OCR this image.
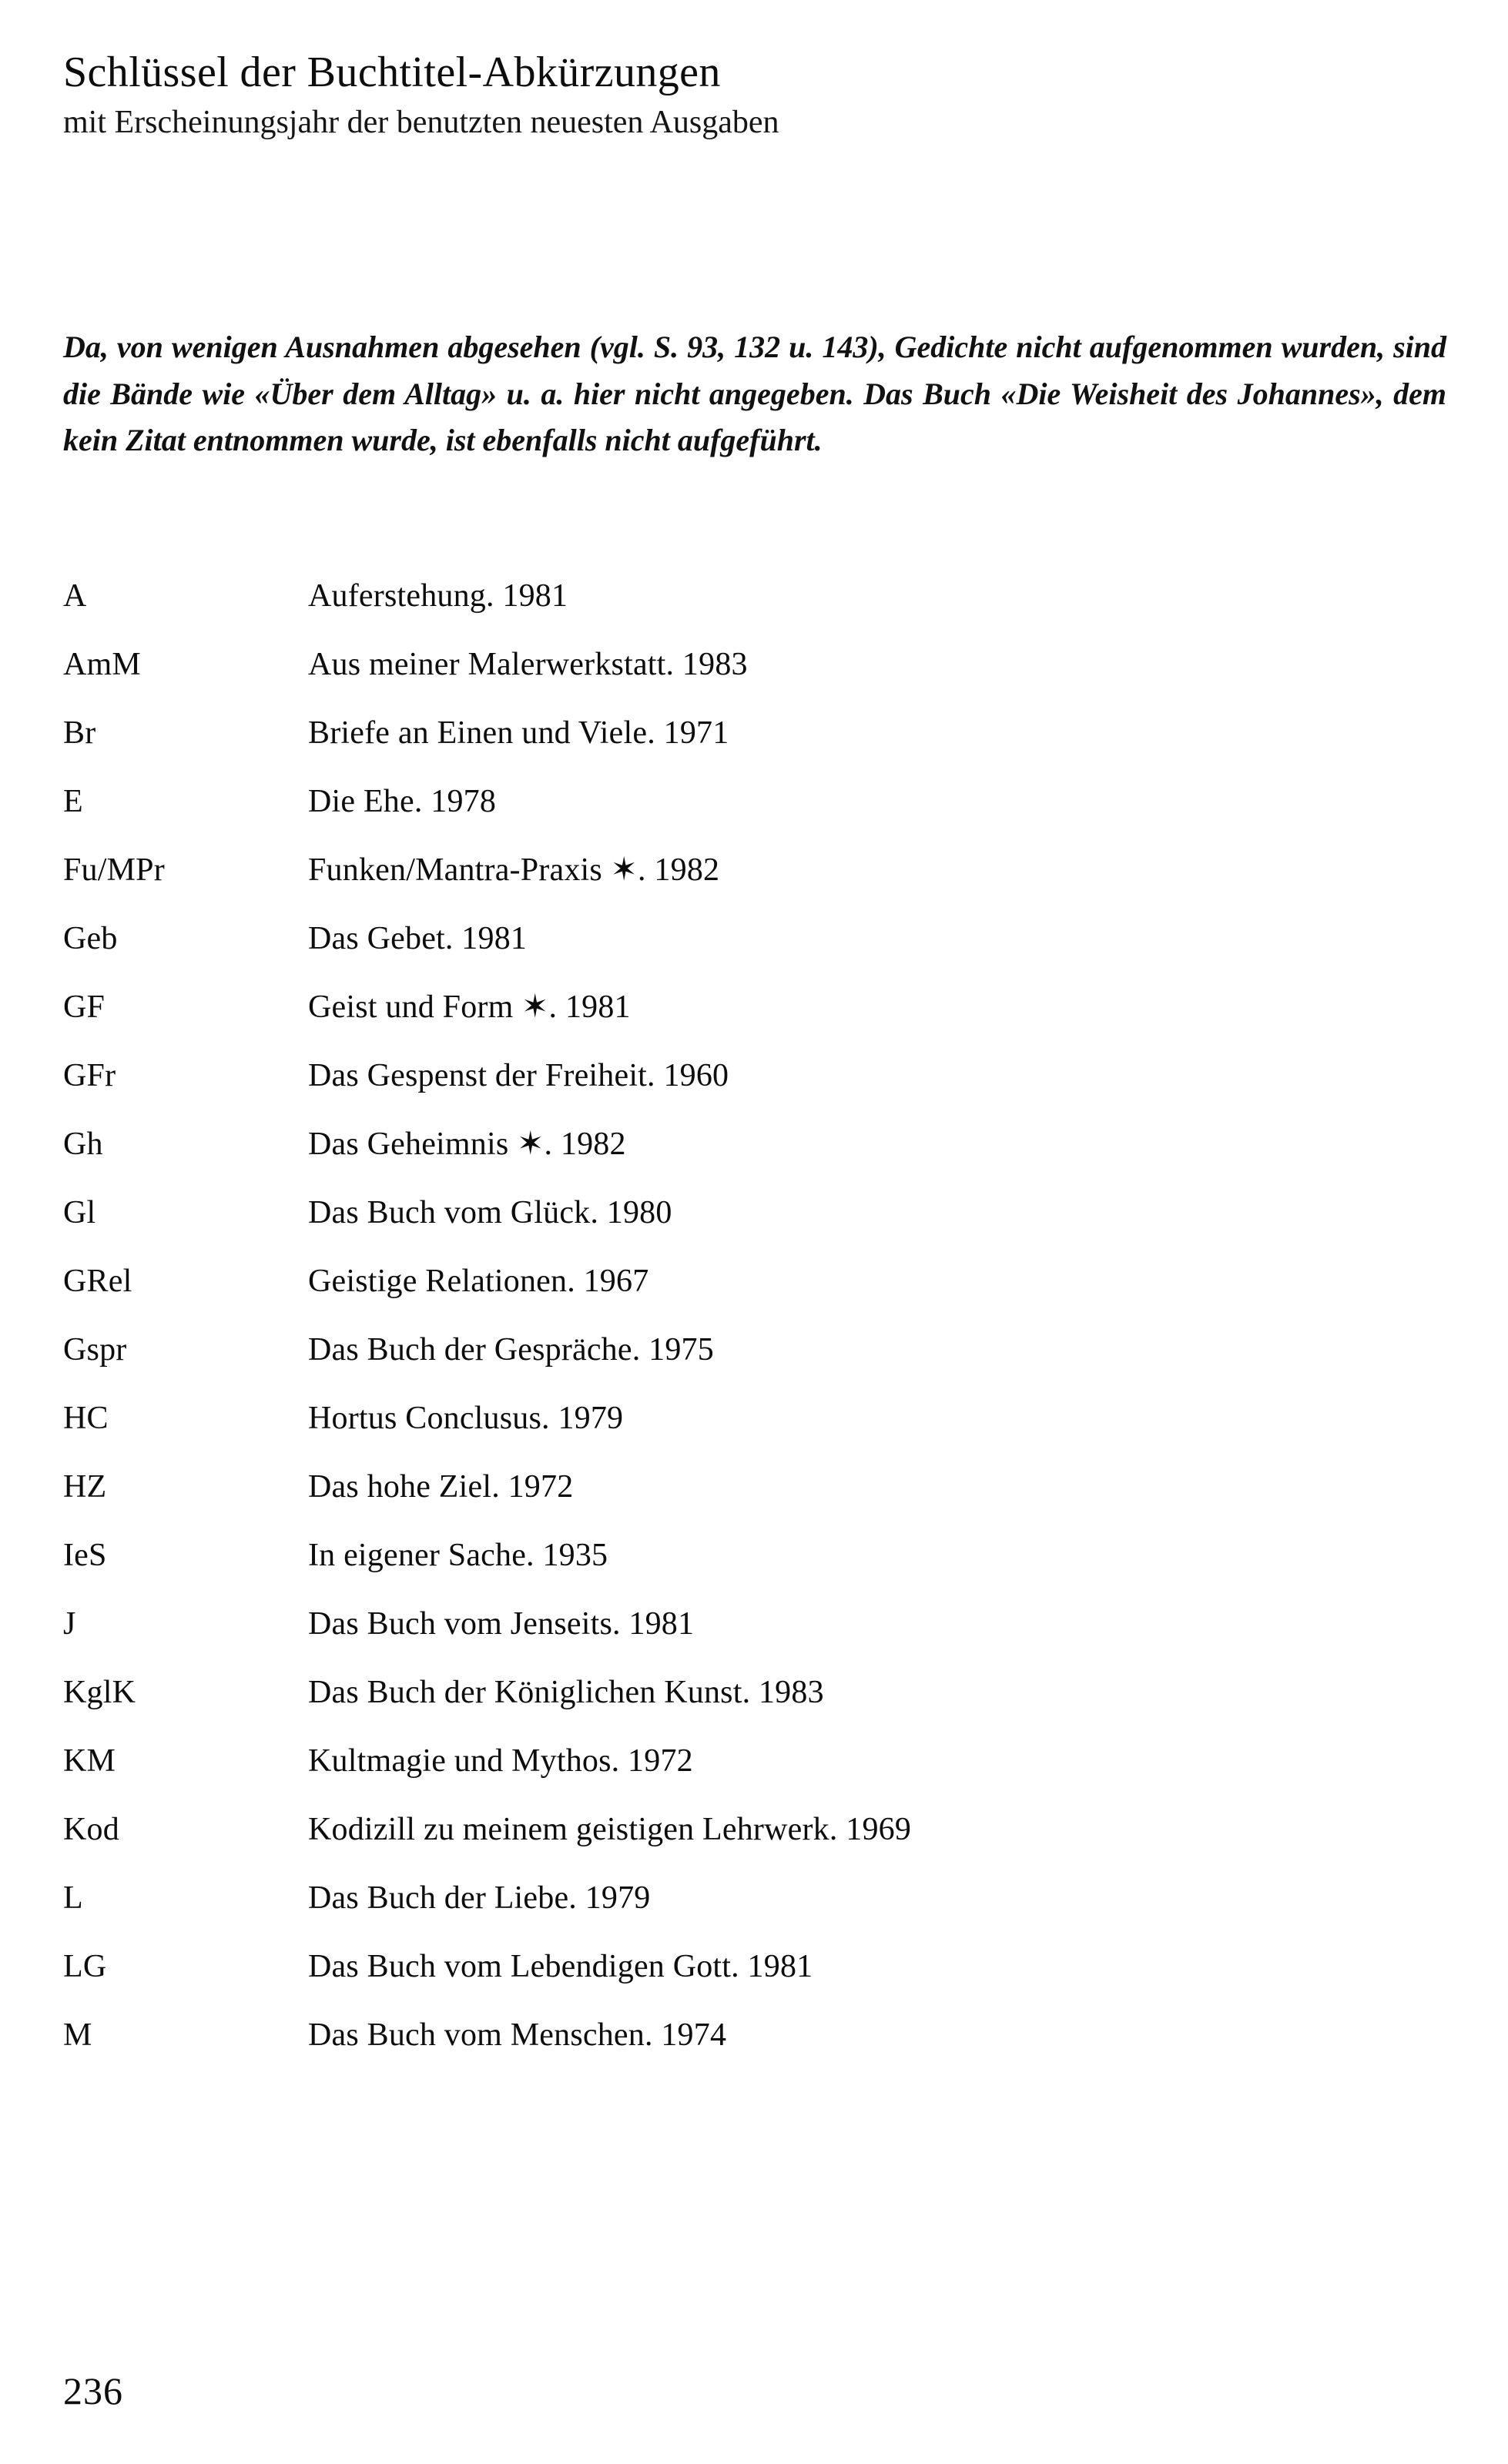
Schlüssel der Buchtitel-Abkürzungen

mit Erscheinungsjahr der benutzten neuesten Ausgaben

Da, von wenigen Ausnahmen abgesehen (vgl. S. 93, 132 u. 143), Gedichte nicht aufgenommen wurden, sind die Bände wie «Über dem Alltag» u. a. hier nicht angegeben. Das Buch «Die Weisheit des Johannes», dem kein Zitat entnommen wurde, ist ebenfalls nicht aufgeführt.

A	Auferstehung. 1981
AmM	Aus meiner Malerwerkstatt. 1983
Br	Briefe an Einen und Viele. 1971
E	Die Ehe. 1978
Fu/MPr	Funken/Mantra-Praxis ✶. 1982
Geb	Das Gebet. 1981
GF	Geist und Form ✶. 1981
GFr	Das Gespenst der Freiheit. 1960
Gh	Das Geheimnis ✶. 1982
Gl	Das Buch vom Glück. 1980
GRel	Geistige Relationen. 1967
Gspr	Das Buch der Gespräche. 1975
HC	Hortus Conclusus. 1979
HZ	Das hohe Ziel. 1972
IeS	In eigener Sache. 1935
J	Das Buch vom Jenseits. 1981
KglK	Das Buch der Königlichen Kunst. 1983
KM	Kultmagie und Mythos. 1972
Kod	Kodizill zu meinem geistigen Lehrwerk. 1969
L	Das Buch der Liebe. 1979
LG	Das Buch vom Lebendigen Gott. 1981
M	Das Buch vom Menschen. 1974
236
